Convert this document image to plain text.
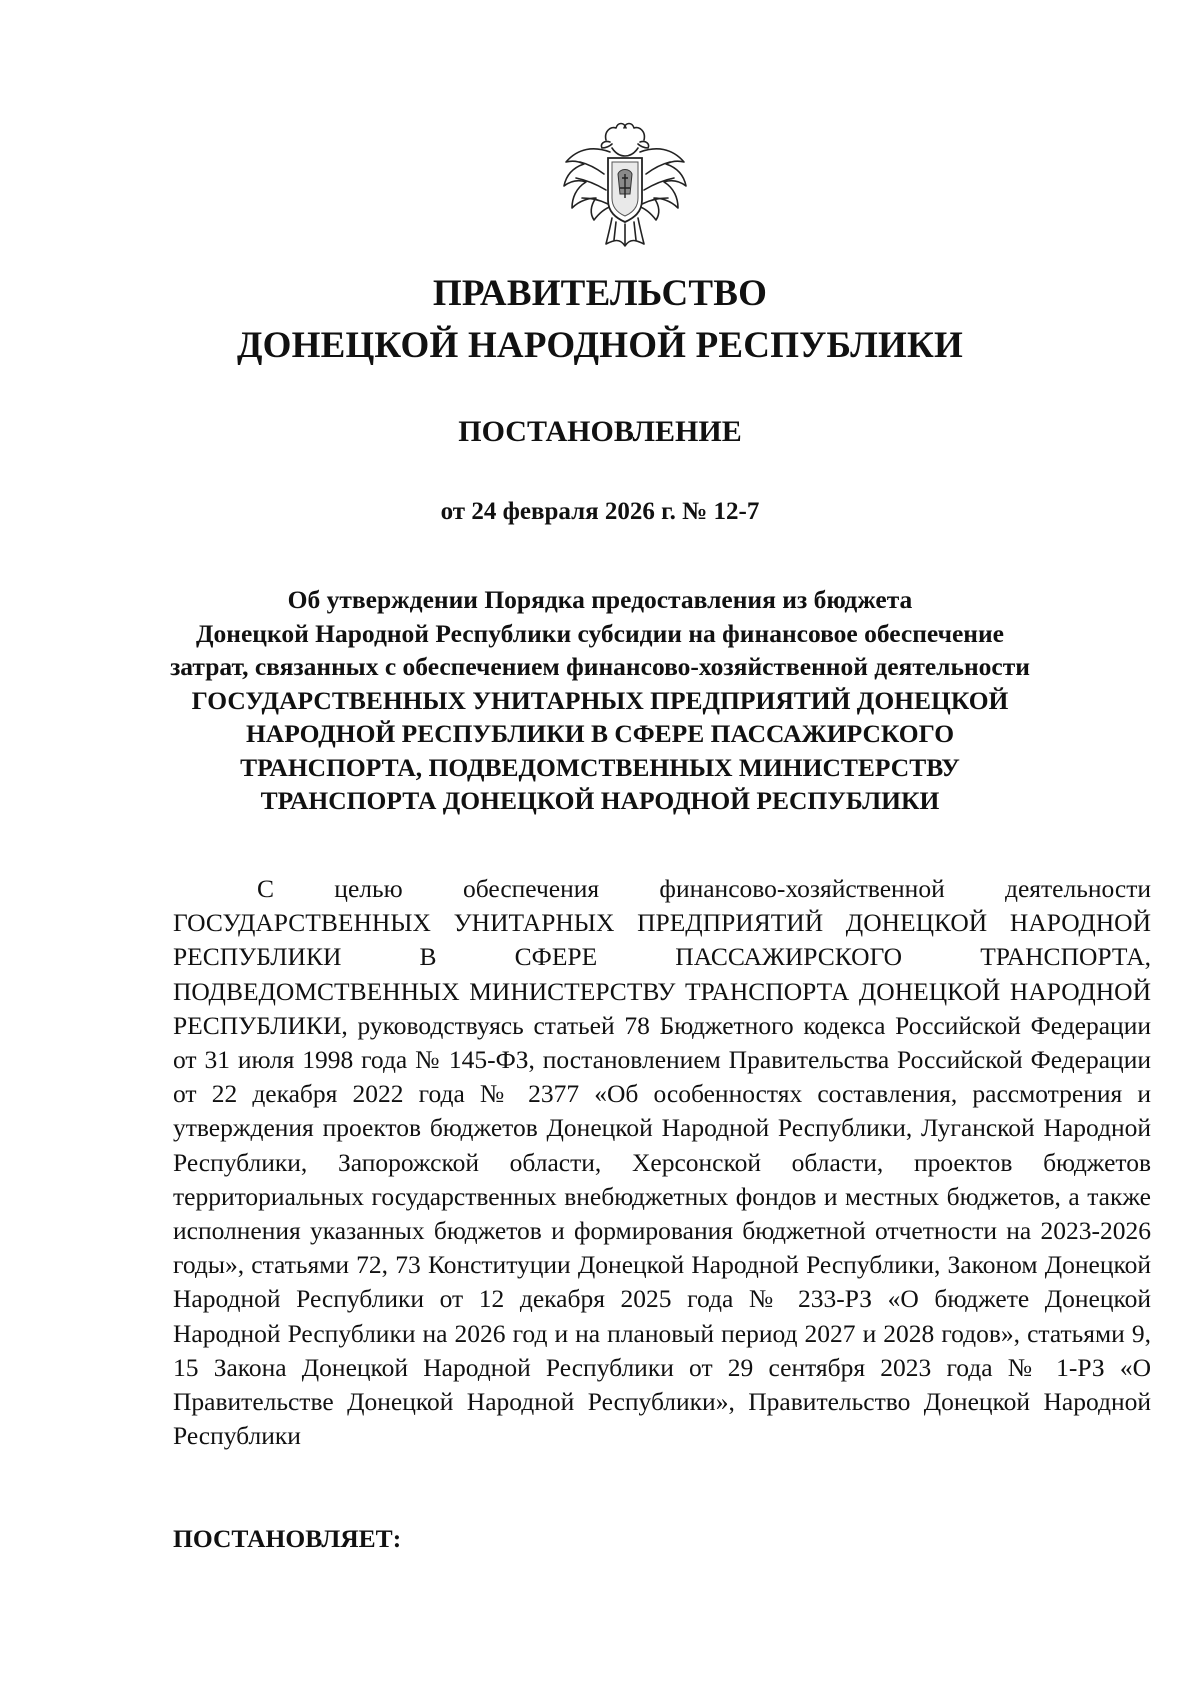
ПРАВИТЕЛЬСТВО
ДОНЕЦКОЙ НАРОДНОЙ РЕСПУБЛИКИ
ПОСТАНОВЛЕНИЕ
от 24 февраля 2026 г. № 12-7
Об утверждении Порядка предоставления из бюджета
Донецкой Народной Республики субсидии на финансовое обеспечение
затрат, связанных с обеспечением финансово-хозяйственной деятельности
ГОСУДАРСТВЕННЫХ УНИТАРНЫХ ПРЕДПРИЯТИЙ ДОНЕЦКОЙ
НАРОДНОЙ РЕСПУБЛИКИ В СФЕРЕ ПАССАЖИРСКОГО
ТРАНСПОРТА, ПОДВЕДОМСТВЕННЫХ МИНИСТЕРСТВУ
ТРАНСПОРТА ДОНЕЦКОЙ НАРОДНОЙ РЕСПУБЛИКИ

С целью обеспечения финансово-хозяйственной деятельности ГОСУДАРСТВЕННЫХ УНИТАРНЫХ ПРЕДПРИЯТИЙ ДОНЕЦКОЙ НАРОДНОЙ РЕСПУБЛИКИ В СФЕРЕ ПАССАЖИРСКОГО ТРАНСПОРТА, ПОДВЕДОМСТВЕННЫХ МИНИСТЕРСТВУ ТРАНСПОРТА ДОНЕЦКОЙ НАРОДНОЙ РЕСПУБЛИКИ, руководствуясь статьей 78 Бюджетного кодекса Российской Федерации от 31 июля 1998 года № 145-ФЗ, постановлением Правительства Российской Федерации от 22 декабря 2022 года № 2377 «Об особенностях составления, рассмотрения и утверждения проектов бюджетов Донецкой Народной Республики, Луганской Народной Республики, Запорожской области, Херсонской области, проектов бюджетов территориальных государственных внебюджетных фондов и местных бюджетов, а также исполнения указанных бюджетов и формирования бюджетной отчетности на 2023-2026 годы», статьями 72, 73 Конституции Донецкой Народной Республики, Законом Донецкой Народной Республики от 12 декабря 2025 года № 233-РЗ «О бюджете Донецкой Народной Республики на 2026 год и на плановый период 2027 и 2028 годов», статьями 9, 15 Закона Донецкой Народной Республики от 29 сентября 2023 года № 1-РЗ «О Правительстве Донецкой Народной Республики», Правительство Донецкой Народной Республики

ПОСТАНОВЛЯЕТ:
